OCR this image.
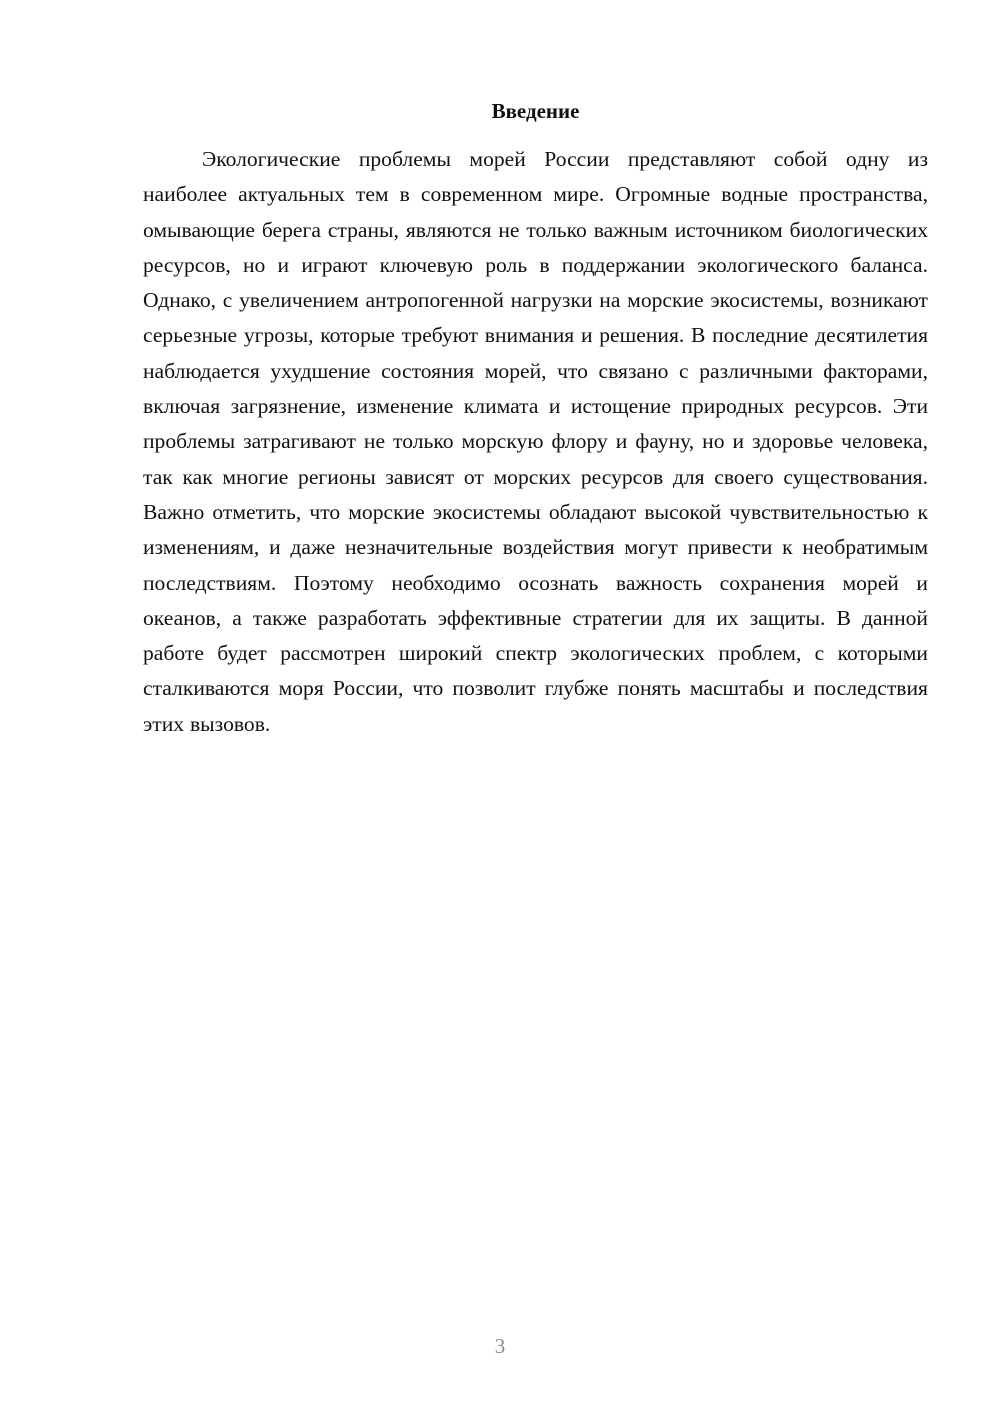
Введение

Экологические проблемы морей России представляют собой одну из наиболее актуальных тем в современном мире. Огромные водные пространства, омывающие берега страны, являются не только важным источником биологических ресурсов, но и играют ключевую роль в поддержании экологического баланса. Однако, с увеличением антропогенной нагрузки на морские экосистемы, возникают серьезные угрозы, которые требуют внимания и решения. В последние десятилетия наблюдается ухудшение состояния морей, что связано с различными факторами, включая загрязнение, изменение климата и истощение природных ресурсов. Эти проблемы затрагивают не только морскую флору и фауну, но и здоровье человека, так как многие регионы зависят от морских ресурсов для своего существования. Важно отметить, что морские экосистемы обладают высокой чувствительностью к изменениям, и даже незначительные воздействия могут привести к необратимым последствиям. Поэтому необходимо осознать важность сохранения морей и океанов, а также разработать эффективные стратегии для их защиты. В данной работе будет рассмотрен широкий спектр экологических проблем, с которыми сталкиваются моря России, что позволит глубже понять масштабы и последствия этих вызовов.

3
